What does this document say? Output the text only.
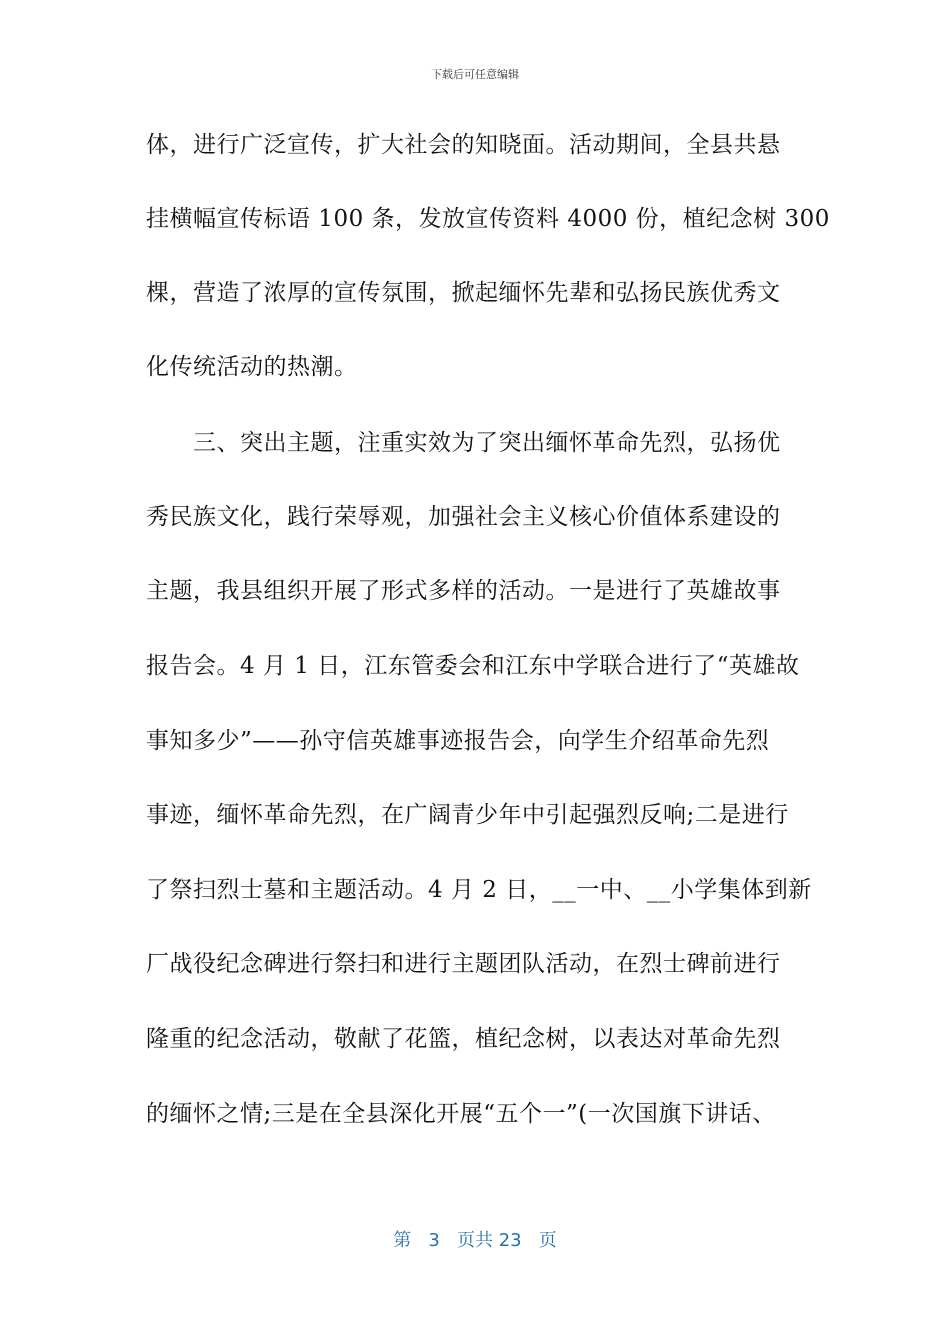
下载后可任意编辑
体，进行广泛宣传，扩大社会的知晓面。活动期间，全县共悬
挂横幅宣传标语 100 条，发放宣传资料 4000 份，植纪念树 300
棵，营造了浓厚的宣传氛围，掀起缅怀先辈和弘扬民族优秀文
化传统活动的热潮。
三、突出主题，注重实效为了突出缅怀革命先烈，弘扬优
秀民族文化，践行荣辱观，加强社会主义核心价值体系建设的
主题，我县组织开展了形式多样的活动。一是进行了英雄故事
报告会。4 月 1 日，江东管委会和江东中学联合进行了“英雄故
事知多少”——孙守信英雄事迹报告会，向学生介绍革命先烈
事迹，缅怀革命先烈，在广阔青少年中引起强烈反响;二是进行
了祭扫烈士墓和主题活动。4 月 2 日，__一中、__小学集体到新
厂战役纪念碑进行祭扫和进行主题团队活动，在烈士碑前进行
隆重的纪念活动，敬献了花篮，植纪念树，以表达对革命先烈
的缅怀之情;三是在全县深化开展“五个一”(一次国旗下讲话、
第 3 页共 23 页
